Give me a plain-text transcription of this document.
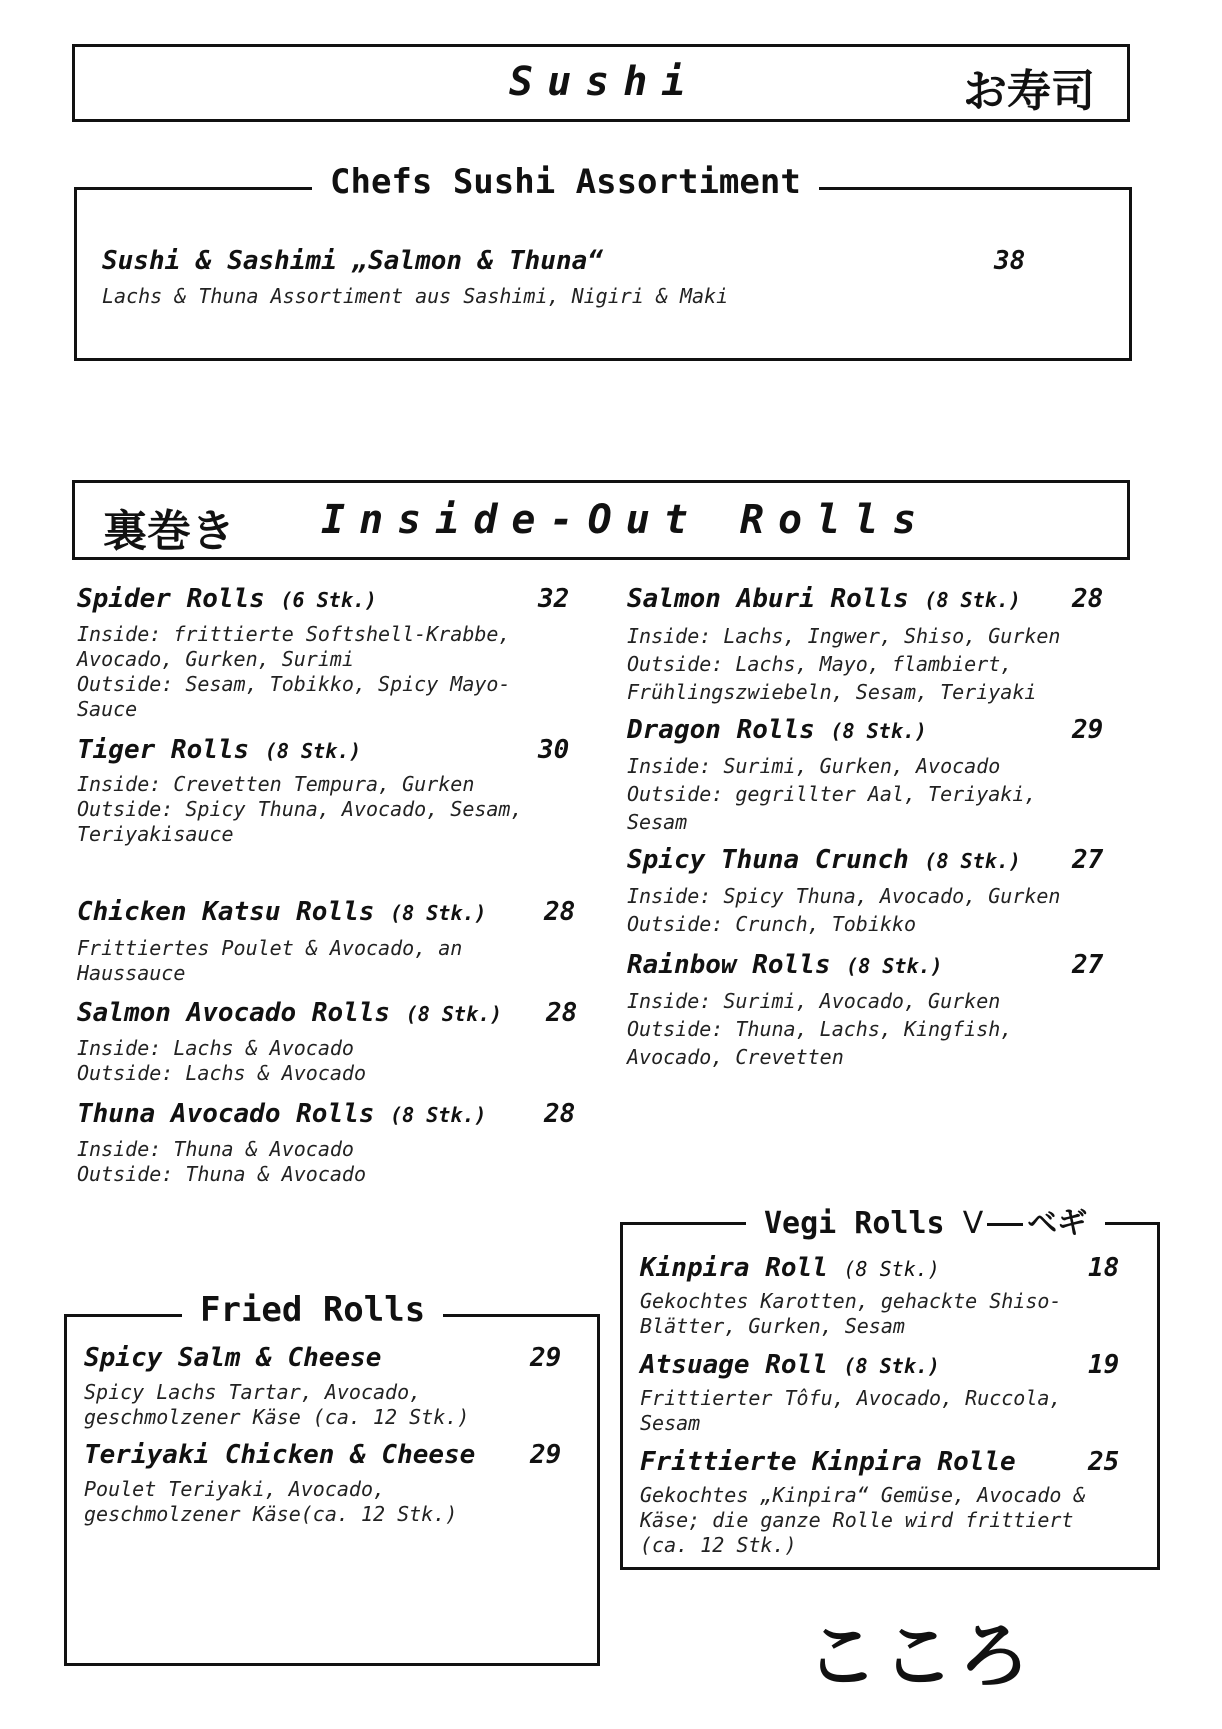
Sushi	お寿司
Chefs Sushi Assortiment
Sushi & Sashimi „Salmon & Thuna“	38
Lachs & Thuna Assortiment aus Sashimi, Nigiri & Maki
裏巻き Inside-Out Rolls
Spider Rolls (6 Stk.)	32
Inside: frittierte Softshell-Krabbe,
Avocado, Gurken, Surimi
Outside: Sesam, Tobikko, Spicy Mayo-
Sauce
Tiger Rolls (8 Stk.)	30
Inside: Crevetten Tempura, Gurken
Outside: Spicy Thuna, Avocado, Sesam,
Teriyakisauce
Chicken Katsu Rolls (8 Stk.) 28
Frittiertes Poulet & Avocado, an
Haussauce
Salmon Avocado Rolls (8 Stk.) 28
Inside: Lachs & Avocado
Outside: Lachs & Avocado
Thuna Avocado Rolls (8 Stk.) 28
Inside: Thuna & Avocado
Outside: Thuna & Avocado
Salmon Aburi Rolls (8 Stk.) 28
Inside: Lachs, Ingwer, Shiso, Gurken
Outside: Lachs, Mayo, flambiert,
Frühlingszwiebeln, Sesam, Teriyaki
Dragon Rolls (8 Stk.)	29
Inside: Surimi, Gurken, Avocado
Outside: gegrillter Aal, Teriyaki,
Sesam
Spicy Thuna Crunch (8 Stk.) 27
Inside: Spicy Thuna, Avocado, Gurken
Outside: Crunch, Tobikko
Rainbow Rolls (8 Stk.)	27
Inside: Surimi, Avocado, Gurken
Outside: Thuna, Lachs, Kingfish,
Avocado, Crevetten
Fried Rolls
Spicy Salm & Cheese	29
Spicy Lachs Tartar, Avocado,
geschmolzener Käse (ca. 12 Stk.)
Teriyaki Chicken & Cheese 29
Poulet Teriyaki, Avocado,
geschmolzener Käse(ca. 12 Stk.)
Vegi Rolls V ベギ
Kinpira Roll (8 Stk.)	18
Gekochtes Karotten, gehackte Shiso-
Blätter, Gurken, Sesam
Atsuage Roll (8 Stk.)	19
Frittierter Tôfu, Avocado, Ruccola,
Sesam
Frittierte Kinpira Rolle	25
Gekochtes „Kinpira“ Gemüse, Avocado &
Käse; die ganze Rolle wird frittiert
(ca. 12 Stk.)
こころ
